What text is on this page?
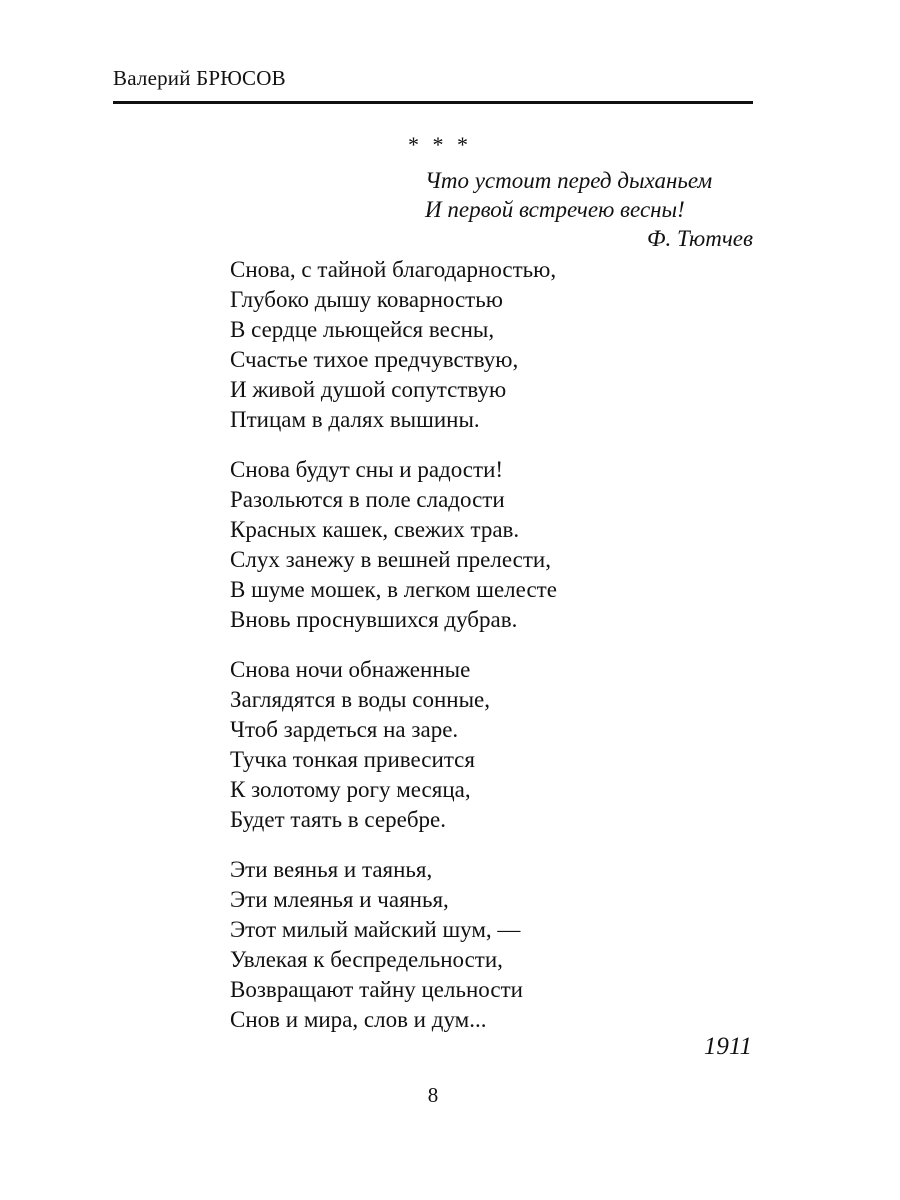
Валерий БРЮСОВ
* * *
Что устоит перед дыханьем
И первой встречею весны!
Ф. Тютчев
Снова, с тайной благодарностью,
Глубоко дышу коварностью
В сердце льющейся весны,
Счастье тихое предчувствую,
И живой душой сопутствую
Птицам в далях вышины.
Снова будут сны и радости!
Разольются в поле сладости
Красных кашек, свежих трав.
Слух занежу в вешней прелести,
В шуме мошек, в легком шелесте
Вновь проснувшихся дубрав.
Снова ночи обнаженные
Заглядятся в воды сонные,
Чтоб зардеться на заре.
Тучка тонкая привесится
К золотому рогу месяца,
Будет таять в серебре.
Эти веянья и таянья,
Эти млеянья и чаянья,
Этот милый майский шум, —
Увлекая к беспредельности,
Возвращают тайну цельности
Снов и мира, слов и дум...
1911
8
